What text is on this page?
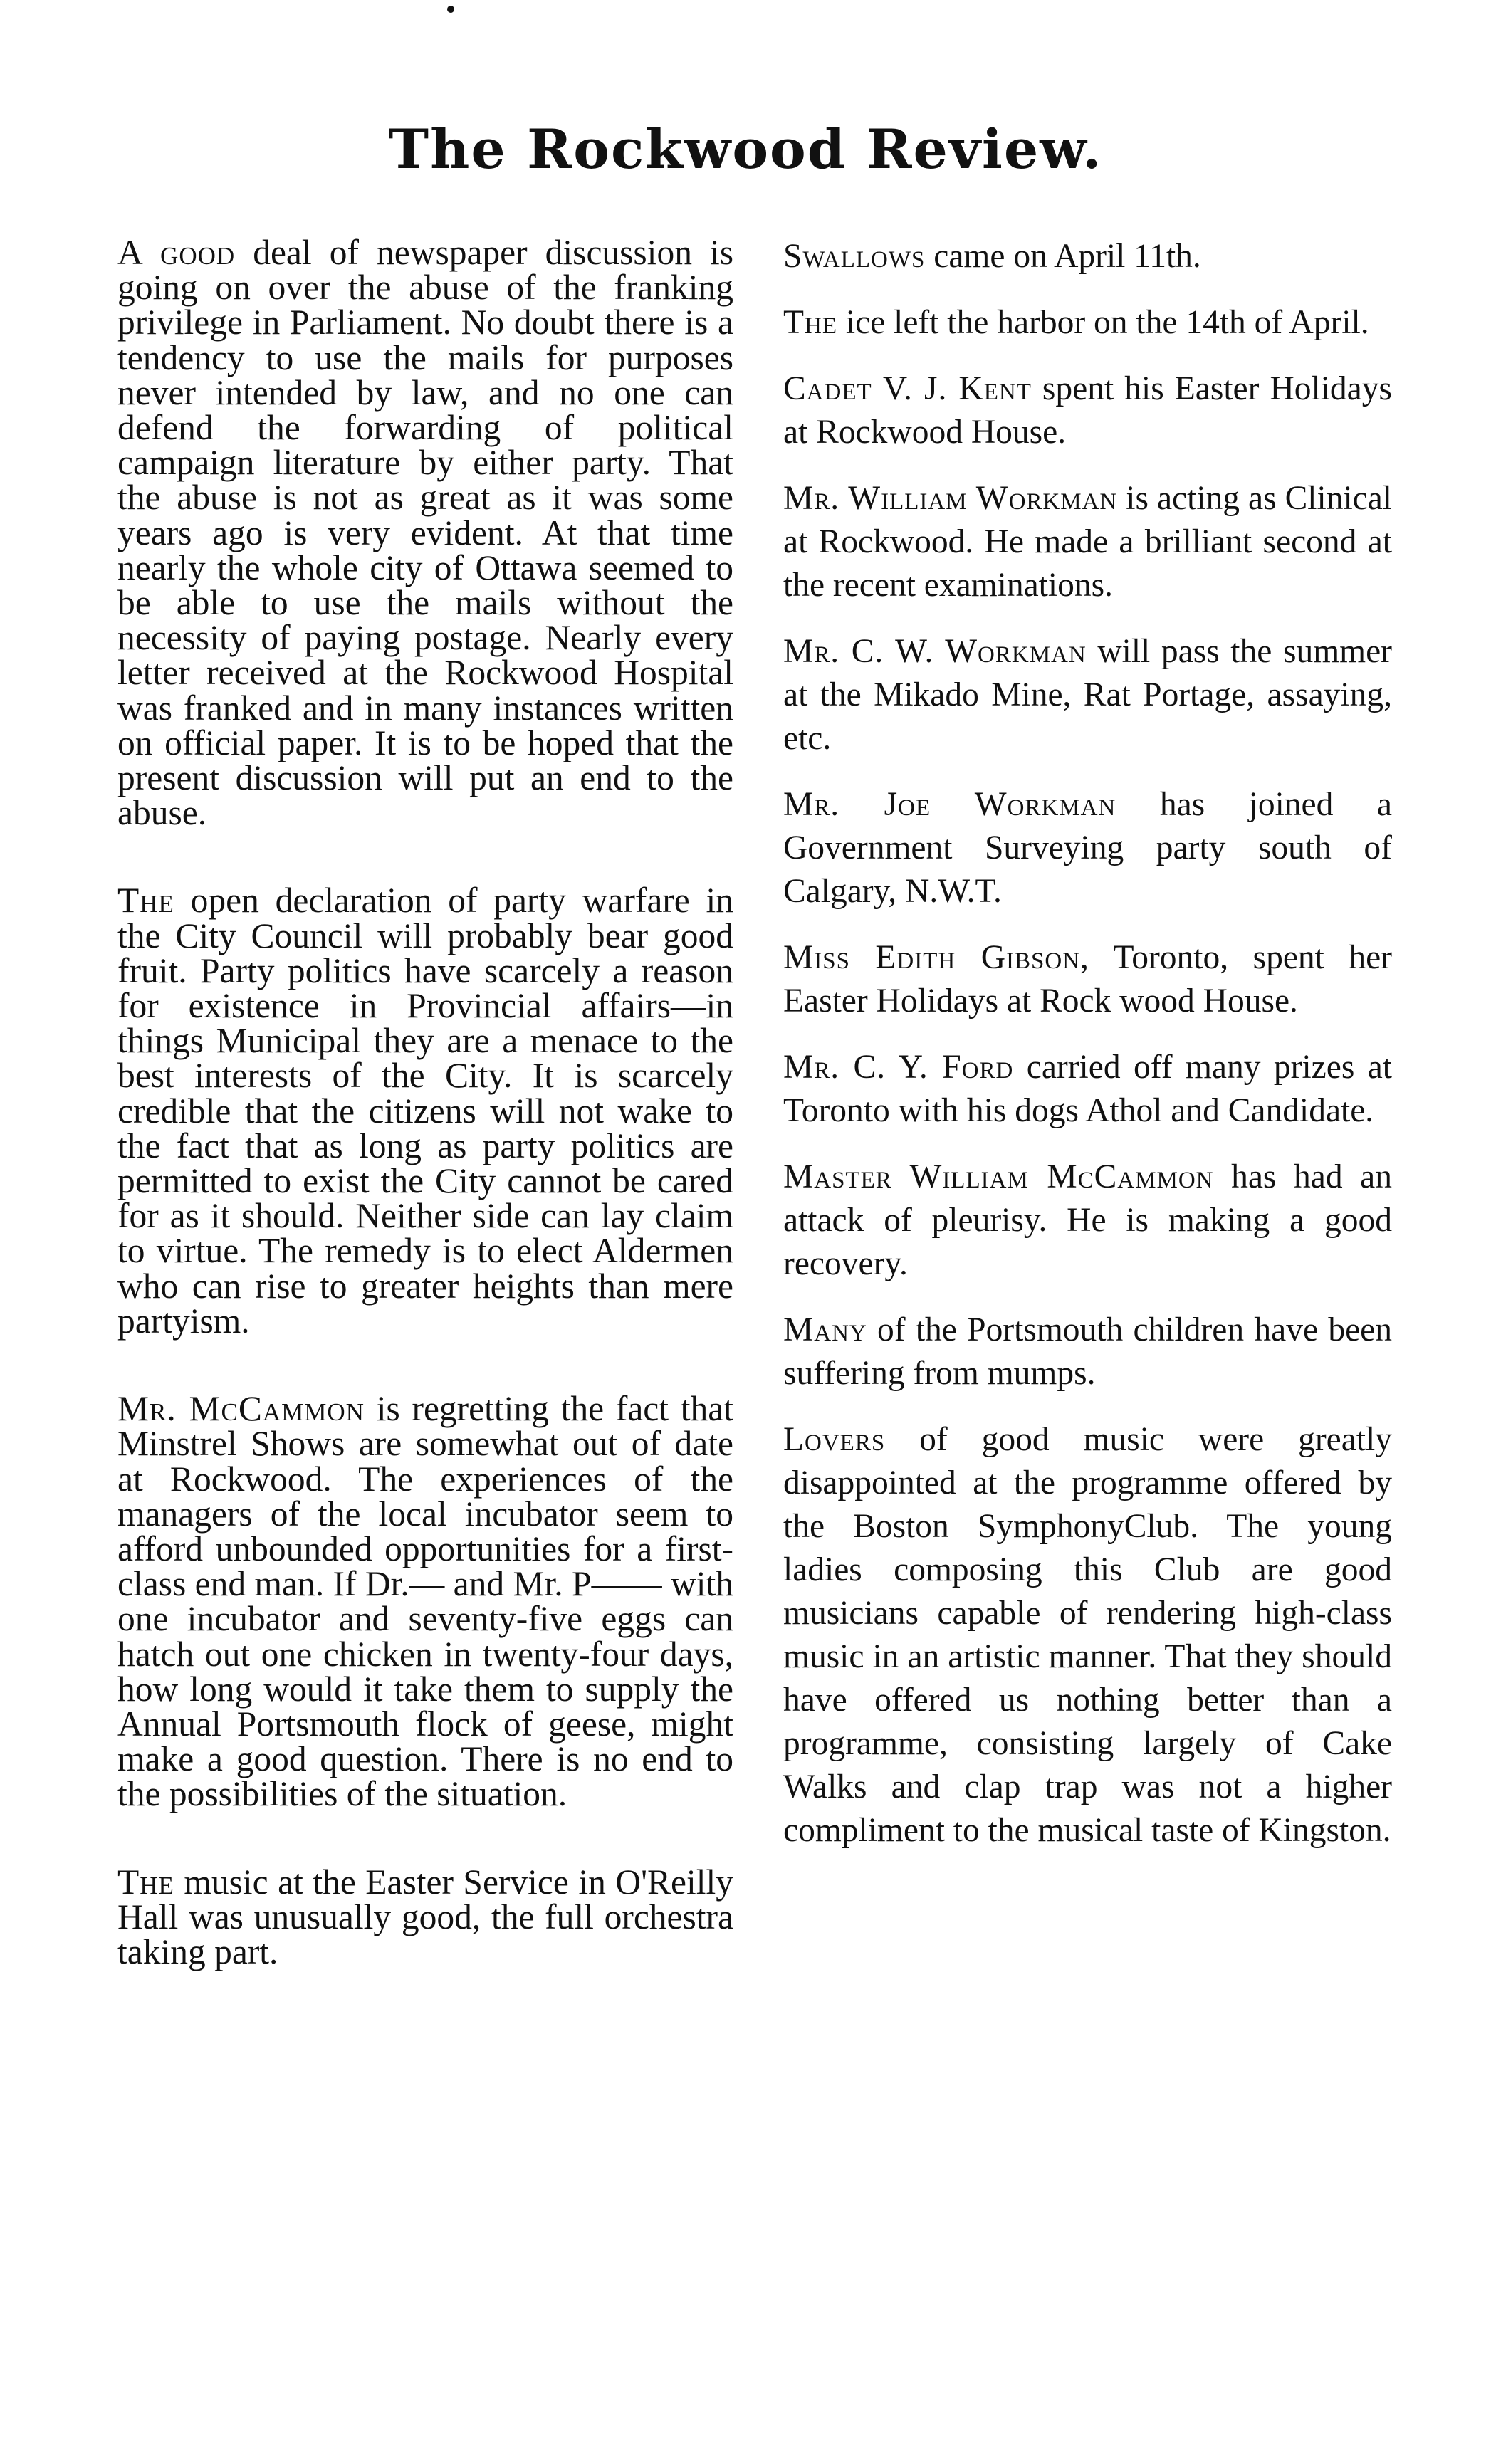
The Rockwood Review.

A good deal of newspaper discussion is going on over the abuse of the franking privilege in Parliament. No doubt there is a tendency to use the mails for purposes never intended by law, and no one can defend the forwarding of political campaign literature by either party. That the abuse is not as great as it was some years ago is very evident. At that time nearly the whole city of Ottawa seemed to be able to use the mails without the necessity of paying postage. Nearly every letter received at the Rockwood Hospital was franked and in many instances written on official paper. It is to be hoped that the present discussion will put an end to the abuse.

The open declaration of party warfare in the City Council will probably bear good fruit. Party politics have scarcely a reason for existence in Provincial affairs—in things Municipal they are a menace to the best interests of the City. It is scarcely credible that the citizens will not wake to the fact that as long as party politics are permitted to exist the City cannot be cared for as it should. Neither side can lay claim to virtue. The remedy is to elect Aldermen who can rise to greater heights than mere partyism.

Mr. McCammon is regretting the fact that Minstrel Shows are somewhat out of date at Rockwood. The experiences of the managers of the local incubator seem to afford unbounded opportunities for a first-class end man. If Dr.— and Mr. P—— with one incubator and seventy-five eggs can hatch out one chicken in twenty-four days, how long would it take them to supply the Annual Portsmouth flock of geese, might make a good question. There is no end to the possibilities of the situation.

The music at the Easter Service in O'Reilly Hall was unusually good, the full orchestra taking part.

Swallows came on April 11th.

The ice left the harbor on the 14th of April.

Cadet V. J. Kent spent his Easter Holidays at Rockwood House.

Mr. William Workman is acting as Clinical at Rockwood. He made a brilliant second at the recent examinations.

Mr. C. W. Workman will pass the summer at the Mikado Mine, Rat Portage, assaying, etc.

Mr. Joe Workman has joined a Government Surveying party south of Calgary, N.W.T.

Miss Edith Gibson, Toronto, spent her Easter Holidays at Rock wood House.

Mr. C. Y. Ford carried off many prizes at Toronto with his dogs Athol and Candidate.

Master William McCammon has had an attack of pleurisy. He is making a good recovery.

Many of the Portsmouth children have been suffering from mumps.

Lovers of good music were greatly disappointed at the programme offered by the Boston SymphonyClub. The young ladies composing this Club are good musicians capable of rendering high-class music in an artistic manner. That they should have offered us nothing better than a programme, consisting largely of Cake Walks and clap trap was not a higher compliment to the musical taste of Kingston.
